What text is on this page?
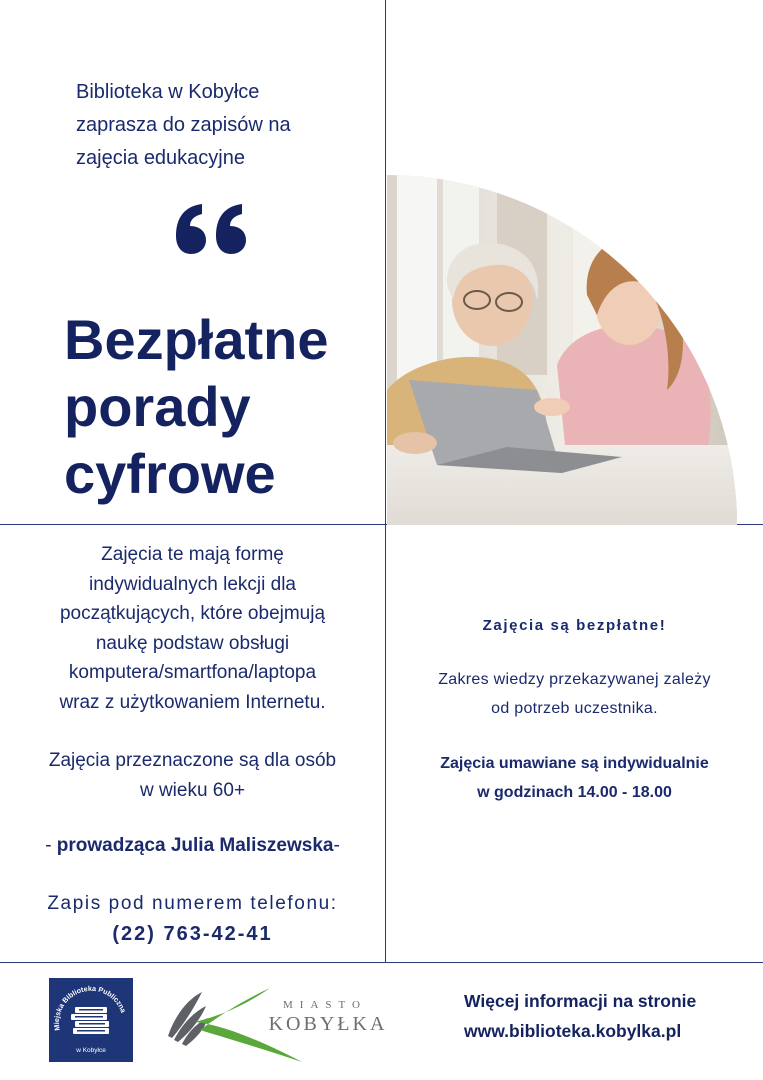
Biblioteka w Kobyłce
zaprasza do zapisów na
zajęcia edukacyjne
Bezpłatne
porady
cyfrowe
Zajęcia te mają formę
indywidualnych lekcji dla
początkujących, które obejmują
naukę podstaw obsługi
komputera/smartfona/laptopa
wraz z użytkowaniem Internetu.
Zajęcia przeznaczone są dla osób
w wieku 60+
- prowadząca Julia Maliszewska-
Zapis pod numerem telefonu:
(22) 763-42-41
Zajęcia są bezpłatne!
Zakres wiedzy przekazywanej zależy
od potrzeb uczestnika.
Zajęcia umawiane są indywidualnie
w godzinach 14.00 - 18.00
Miejska Biblioteka Publiczna
w Kobyłce
MIASTO
KOBYŁKA
Więcej informacji na stronie
www.biblioteka.kobylka.pl
